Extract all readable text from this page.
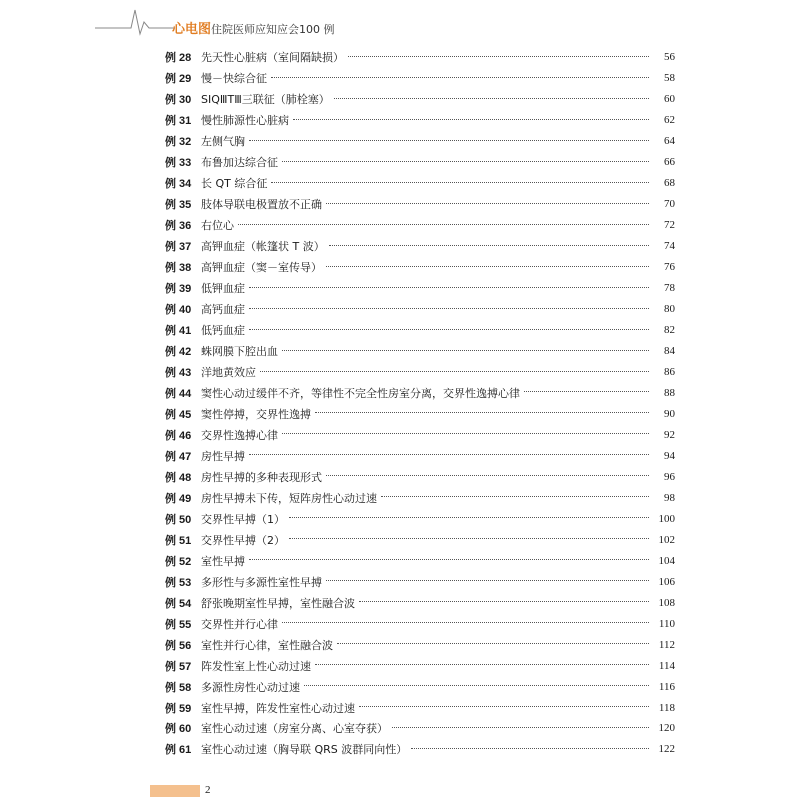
心电图住院医师应知应会100 例
例 28 先天性心脏病（室间隔缺损）	56
例 29 慢－快综合征	58
例 30 SⅠQⅢTⅢ三联征（肺栓塞）	60
例 31 慢性肺源性心脏病	62
例 32 左侧气胸	64
例 33 布鲁加达综合征	66
例 34 长 QT 综合征	68
例 35 肢体导联电极置放不正确	70
例 36 右位心	72
例 37 高钾血症（帐篷状 T 波）	74
例 38 高钾血症（窦－室传导）	76
例 39 低钾血症	78
例 40 高钙血症	80
例 41 低钙血症	82
例 42 蛛网膜下腔出血	84
例 43 洋地黄效应	86
例 44 窦性心动过缓伴不齐，等律性不完全性房室分离，交界性逸搏心律	88
例 45 窦性停搏，交界性逸搏	90
例 46 交界性逸搏心律	92
例 47 房性早搏	94
例 48 房性早搏的多种表现形式	96
例 49 房性早搏未下传，短阵房性心动过速	98
例 50 交界性早搏（1）	100
例 51 交界性早搏（2）	102
例 52 室性早搏	104
例 53 多形性与多源性室性早搏	106
例 54 舒张晚期室性早搏，室性融合波	108
例 55 交界性并行心律	110
例 56 室性并行心律，室性融合波	112
例 57 阵发性室上性心动过速	114
例 58 多源性房性心动过速	116
例 59 室性早搏，阵发性室性心动过速	118
例 60 室性心动过速（房室分离、心室夺获）	120
例 61 室性心动过速（胸导联 QRS 波群同向性）	122
2
